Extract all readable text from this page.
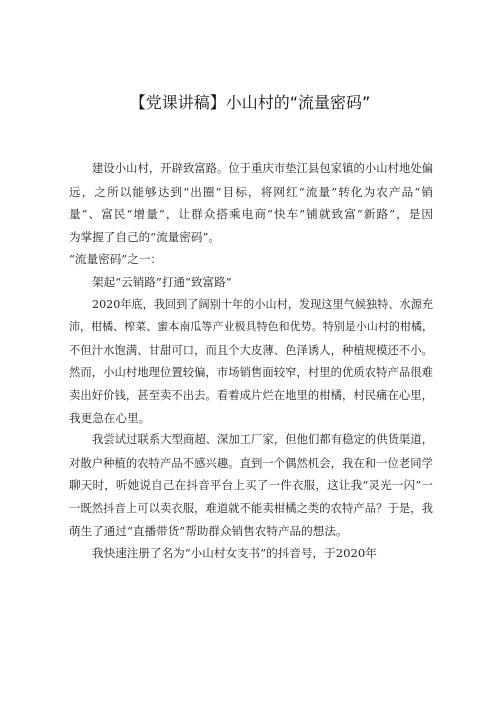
【党课讲稿】小山村的“流量密码”
建设小山村，开辟致富路。位于重庆市垫江县包家镇的小山村地处偏
远，之所以能够达到“出圈”目标，将网红“流量”转化为农产品“销
量”、富民“增量”，让群众搭乘电商“快车”铺就致富“新路”，是因
为掌握了自己的“流量密码”。
“流量密码”之一：
架起“云销路”打通“致富路”
2020年底，我回到了阔别十年的小山村，发现这里气候独特、水源充
沛，柑橘、榨菜、蜜本南瓜等产业极具特色和优势。特别是小山村的柑橘，
不但汁水饱满、甘甜可口，而且个大皮薄、色泽诱人，种植规模还不小。
然而，小山村地理位置较偏，市场销售面较窄，村里的优质农特产品很难
卖出好价钱，甚至卖不出去。看着成片烂在地里的柑橘，村民痛在心里，
我更急在心里。
我尝试过联系大型商超、深加工厂家，但他们都有稳定的供货渠道，
对散户种植的农特产品不感兴趣。直到一个偶然机会，我在和一位老同学
聊天时，听她说自己在抖音平台上买了一件衣服，这让我“灵光一闪”一
一既然抖音上可以卖衣服，难道就不能卖柑橘之类的农特产品？于是，我
萌生了通过“直播带货”帮助群众销售农特产品的想法。
我快速注册了名为“小山村女支书”的抖音号，于2020年
